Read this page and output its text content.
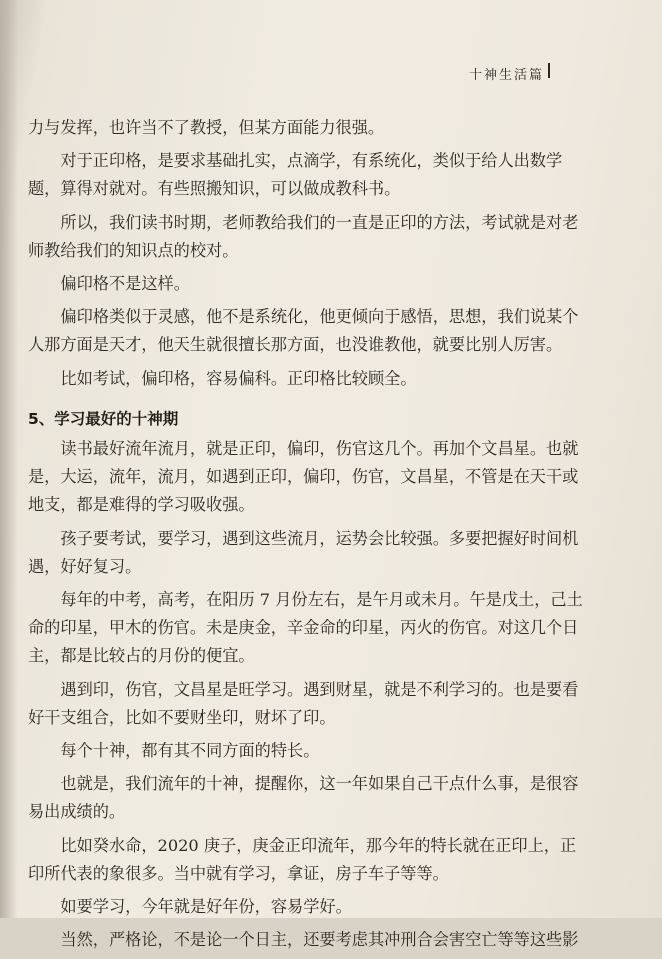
十神生活篇

力与发挥，也许当不了教授，但某方面能力很强。

对于正印格，是要求基础扎实，点滴学，有系统化，类似于给人出数学题，算得对就对。有些照搬知识，可以做成教科书。

所以，我们读书时期，老师教给我们的一直是正印的方法，考试就是对老师教给我们的知识点的校对。

偏印格不是这样。

偏印格类似于灵感，他不是系统化，他更倾向于感悟，思想，我们说某个人那方面是天才，他天生就很擅长那方面，也没谁教他，就要比别人厉害。

比如考试，偏印格，容易偏科。正印格比较顾全。

5、学习最好的十神期

读书最好流年流月，就是正印，偏印，伤官这几个。再加个文昌星。也就是，大运，流年，流月，如遇到正印，偏印，伤官，文昌星，不管是在天干或地支，都是难得的学习吸收强。

孩子要考试，要学习，遇到这些流月，运势会比较强。多要把握好时间机遇，好好复习。

每年的中考，高考，在阳历 7 月份左右，是午月或未月。午是戊土，己土命的印星，甲木的伤官。未是庚金，辛金命的印星，丙火的伤官。对这几个日主，都是比较占的月份的便宜。

遇到印，伤官，文昌星是旺学习。遇到财星，就是不利学习的。也是要看好干支组合，比如不要财坐印，财坏了印。

每个十神，都有其不同方面的特长。

也就是，我们流年的十神，提醒你，这一年如果自己干点什么事，是很容易出成绩的。

比如癸水命，2020 庚子，庚金正印流年，那今年的特长就在正印上，正印所代表的象很多。当中就有学习，拿证，房子车子等等。

如要学习，今年就是好年份，容易学好。

当然，严格论，不是论一个日主，还要考虑其冲刑合会害空亡等等这些影
